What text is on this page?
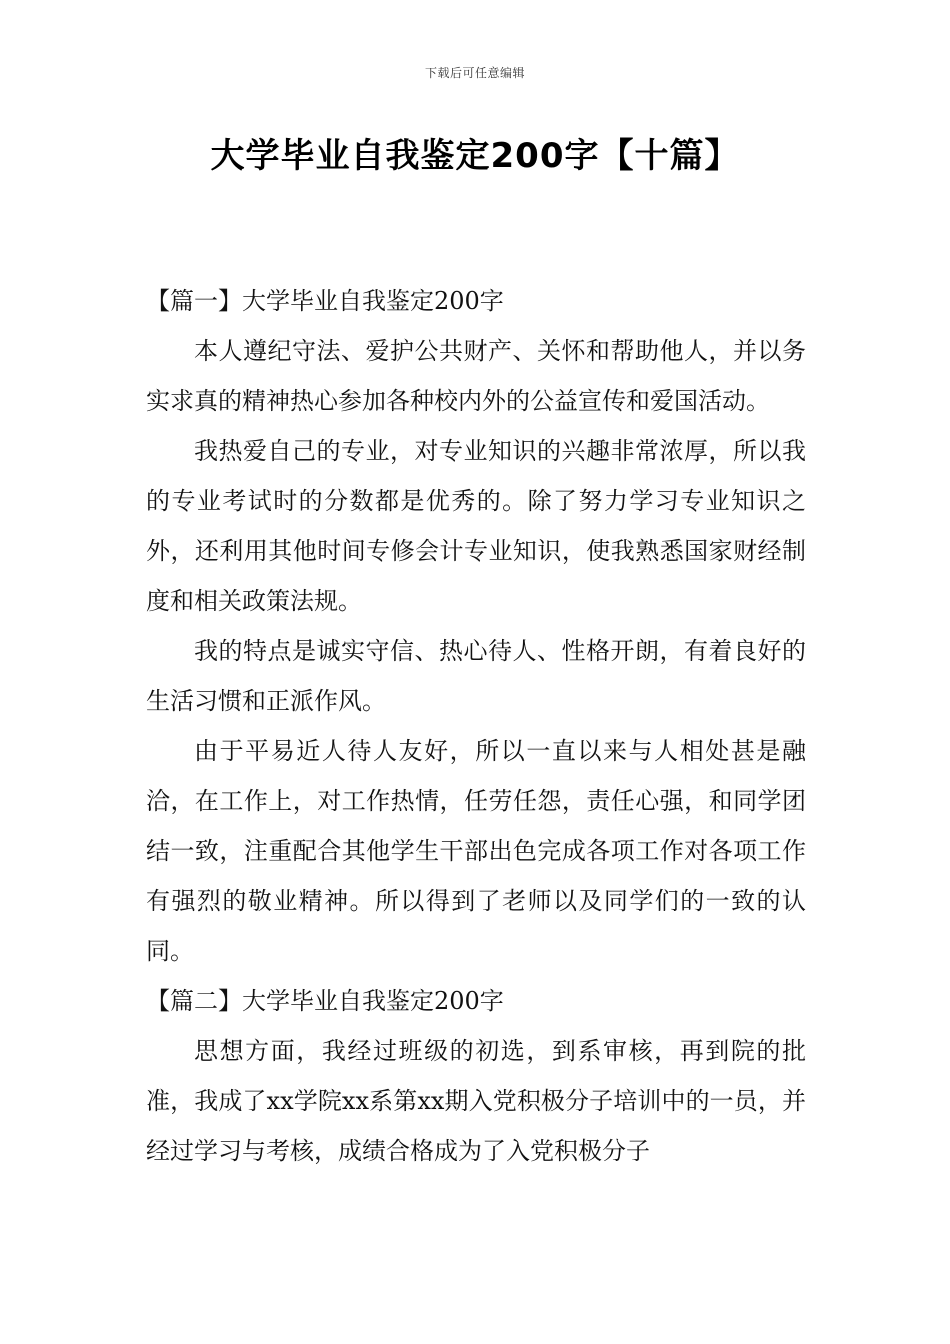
下载后可任意编辑
大学毕业自我鉴定200字【十篇】

【篇一】大学毕业自我鉴定200字

本人遵纪守法、爱护公共财产、关怀和帮助他人，并以务实求真的精神热心参加各种校内外的公益宣传和爱国活动。

我热爱自己的专业，对专业知识的兴趣非常浓厚，所以我的专业考试时的分数都是优秀的。除了努力学习专业知识之外，还利用其他时间专修会计专业知识，使我熟悉国家财经制度和相关政策法规。

我的特点是诚实守信、热心待人、性格开朗，有着良好的生活习惯和正派作风。

由于平易近人待人友好，所以一直以来与人相处甚是融洽，在工作上，对工作热情，任劳任怨，责任心强，和同学团结一致，注重配合其他学生干部出色完成各项工作对各项工作有强烈的敬业精神。所以得到了老师以及同学们的一致的认同。

【篇二】大学毕业自我鉴定200字

思想方面，我经过班级的初选，到系审核，再到院的批准，我成了xx学院xx系第xx期入党积极分子培训中的一员，并经过学习与考核，成绩合格成为了入党积极分子
